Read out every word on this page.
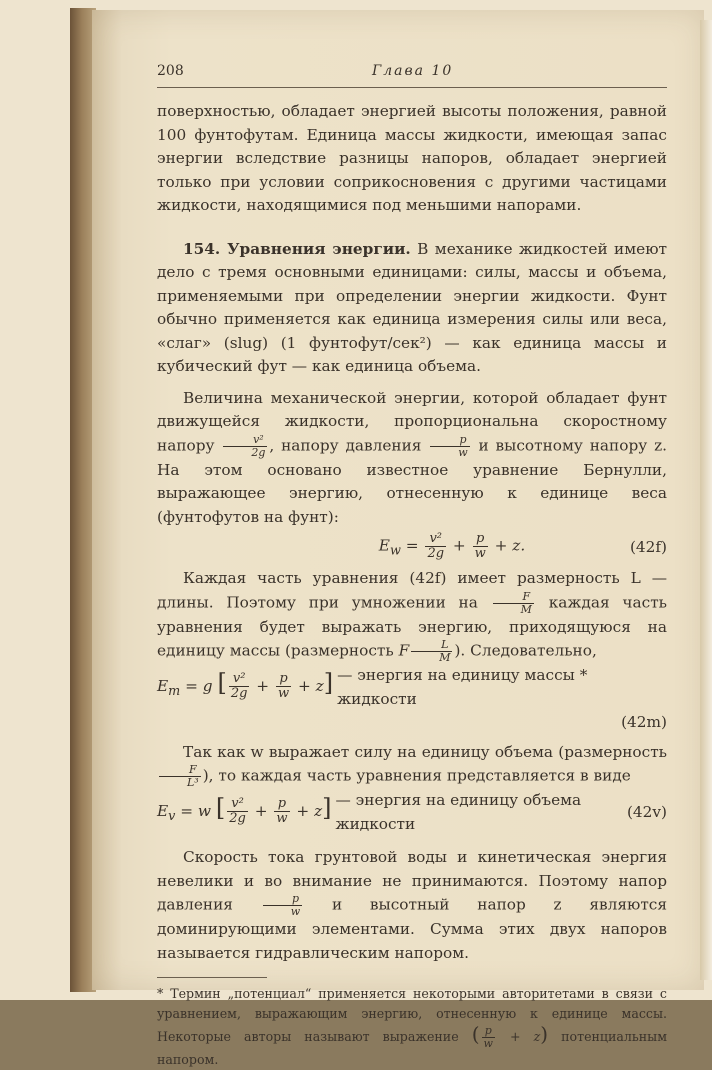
208	Глава 10

поверхностью, обладает энергией высоты положения, равной 100 фунтофутам. Единица массы жидкости, имеющая запас энергии вследствие разницы напоров, обладает энергией только при условии соприкосновения с другими частицами жидкости, находящимися под меньшими напорами.

154. Уравнения энергии. В механике жидкостей имеют дело с тремя основными единицами: силы, массы и объема, применяемыми при определении энергии жидкости. Фунт обычно применяется как единица измерения силы или веса, «слаг» (slug) (1 фунтофут/сек²) — как единица массы и кубический фут — как единица объема.

Величина механической энергии, которой обладает фунт движущейся жидкости, пропорциональна скоростному напору $\frac{\text{v²}}{2g}$ , напору давления $\frac{p}{w}$ и высотному напору z. На этом основано известное уравнение Бернулли, выражающее энергию, отнесенную к единице веса (фунтофутов на фунт):

$E_w = \frac{\text{v²}}{2g} + \frac{p}{w} + z$.	(42f)

Каждая часть уравнения (42f) имеет размерность L — длины. Поэтому при умножении на $\frac{F}{M}$ каждая часть уравнения будет выражать энергию, приходящуюся на единицу массы (размерность F $\frac{L}{M}$ ). Следовательно,

$E_m = g$ [ $\frac{\text{v²}}{2g} + \frac{p}{w} + z$] — энергия на единицу массы * жидкости
(42m)

Так как w выражает силу на единицу объема (размерность
$\frac{F}{\text{L³}}$ ), то каждая часть уравнения представляется в виде

$E_v = w$ [ $\frac{\text{v²}}{2g} + \frac{p}{w} + z$] — энергия на единицу объема жидкости
(42v)

Скорость тока грунтовой воды и кинетическая энергия невелики и во внимание не принимаются. Поэтому напор давления	$\frac{p}{w}$ и высотный напор z являются доминирующими элементами. Сумма этих двух напоров называется гидравлическим напором.

* Термин „потенциал“ применяется некоторыми авторитетами в связи с уравнением, выражающим энергию, отнесенную к единице массы. Некоторые авторы называют выражение ( $\frac{p}{w} + z$) потенциальным напором.
